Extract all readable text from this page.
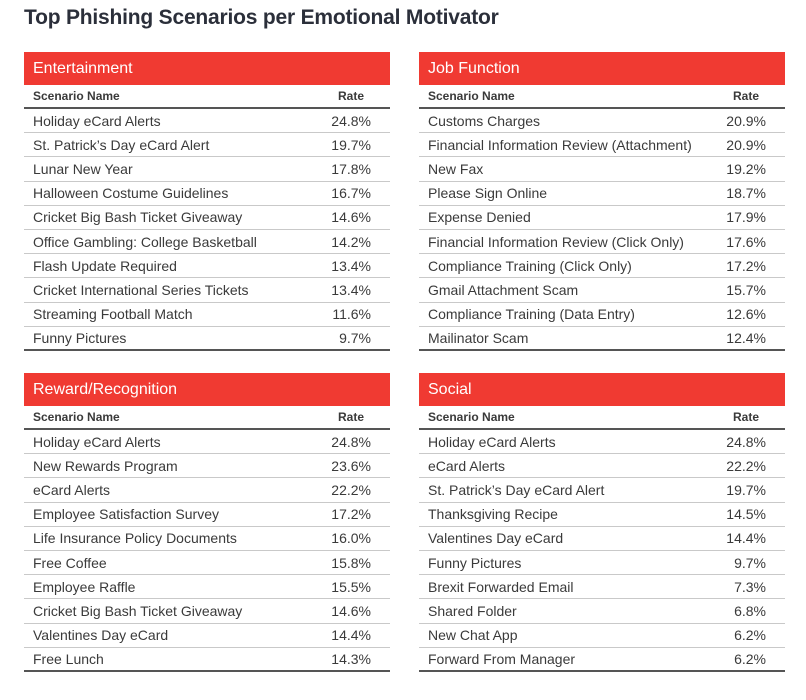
Top Phishing Scenarios per Emotional Motivator
Entertainment
Scenario Name	Rate
Holiday eCard Alerts	24.8%
St. Patrick’s Day eCard Alert	19.7%
Lunar New Year	17.8%
Halloween Costume Guidelines	16.7%
Cricket Big Bash Ticket Giveaway	14.6%
Office Gambling: College Basketball	14.2%
Flash Update Required	13.4%
Cricket International Series Tickets	13.4%
Streaming Football Match	11.6%
Funny Pictures	9.7%
Job Function
Scenario Name	Rate
Customs Charges	20.9%
Financial Information Review (Attachment) 20.9%
New Fax	19.2%
Please Sign Online	18.7%
Expense Denied	17.9%
Financial Information Review (Click Only)	17.6%
Compliance Training (Click Only)	17.2%
Gmail Attachment Scam	15.7%
Compliance Training (Data Entry)	12.6%
Mailinator Scam	12.4%
Reward/Recognition
Scenario Name	Rate
Holiday eCard Alerts	24.8%
New Rewards Program	23.6%
eCard Alerts	22.2%
Employee Satisfaction Survey	17.2%
Life Insurance Policy Documents	16.0%
Free Coffee	15.8%
Employee Raffle	15.5%
Cricket Big Bash Ticket Giveaway	14.6%
Valentines Day eCard	14.4%
Free Lunch	14.3%
Social
Scenario Name	Rate
Holiday eCard Alerts	24.8%
eCard Alerts	22.2%
St. Patrick’s Day eCard Alert	19.7%
Thanksgiving Recipe	14.5%
Valentines Day eCard	14.4%
Funny Pictures	9.7%
Brexit Forwarded Email	7.3%
Shared Folder	6.8%
New Chat App	6.2%
Forward From Manager	6.2%
